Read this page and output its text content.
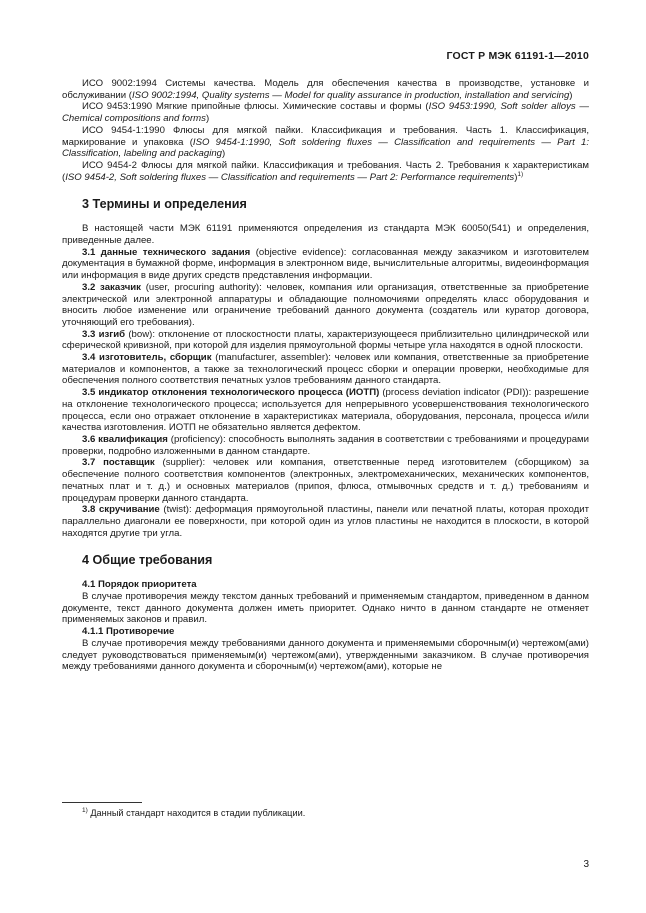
ГОСТ Р МЭК 61191-1—2010

ИСО 9002:1994 Системы качества. Модель для обеспечения качества в производстве, установке и обслуживании (ISO 9002:1994, Quality systems — Model for quality assurance in production, installation and servicing)

ИСО 9453:1990 Мягкие припойные флюсы. Химические составы и формы (ISO 9453:1990, Soft solder alloys — Chemical compositions and forms)

ИСО 9454-1:1990 Флюсы для мягкой пайки. Классификация и требования. Часть 1. Классификация, маркирование и упаковка (ISO 9454-1:1990, Soft soldering fluxes — Classification and requirements — Part 1: Classification, labeling and packaging)

ИСО 9454-2 Флюсы для мягкой пайки. Классификация и требования. Часть 2. Требования к характеристикам (ISO 9454-2, Soft soldering fluxes — Classification and requirements — Part 2: Performance requirements)$^{1)}$

3 Термины и определения

В настоящей части МЭК 61191 применяются определения из стандарта МЭК 60050(541) и определения, приведенные далее.

3.1 данные технического задания (objective evidence): согласованная между заказчиком и изготовителем документация в бумажной форме, информация в электронном виде, вычислительные алгоритмы, видеоинформация или информация в виде других средств представления информации.

3.2 заказчик (user, procuring authority): человек, компания или организация, ответственные за приобретение электрической или электронной аппаратуры и обладающие полномочиями определять класс оборудования и вносить любое изменение или ограничение требований данного документа (создатель или куратор договора, уточняющий его требования).

3.3 изгиб (bow): отклонение от плоскостности платы, характеризующееся приблизительно цилиндрической или сферической кривизной, при которой для изделия прямоугольной формы четыре угла находятся в одной плоскости.

3.4 изготовитель, сборщик (manufacturer, assembler): человек или компания, ответственные за приобретение материалов и компонентов, а также за технологический процесс сборки и операции проверки, необходимые для обеспечения полного соответствия печатных узлов требованиям данного стандарта.

3.5 индикатор отклонения технологического процесса (ИОТП) (process deviation indicator (PDI)): разрешение на отклонение технологического процесса; используется для непрерывного усовершенствования технологического процесса, если оно отражает отклонение в характеристиках материала, оборудования, персонала, процесса и/или качества изготовления. ИОТП не обязательно является дефектом.

3.6 квалификация (proficiency): способность выполнять задания в соответствии с требованиями и процедурами проверки, подробно изложенными в данном стандарте.

3.7 поставщик (supplier): человек или компания, ответственные перед изготовителем (сборщиком) за обеспечение полного соответствия компонентов (электронных, электромеханических, механических компонентов, печатных плат и т. д.) и основных материалов (припоя, флюса, отмывочных средств и т. д.) требованиям и процедурам проверки данного стандарта.

3.8 скручивание (twist): деформация прямоугольной пластины, панели или печатной платы, которая проходит параллельно диагонали ее поверхности, при которой один из углов пластины не находится в плоскости, в которой находятся другие три угла.

4 Общие требования
4.1 Порядок приоритета

В случае противоречия между текстом данных требований и применяемым стандартом, приведенном в данном документе, текст данного документа должен иметь приоритет. Однако ничто в данном стандарте не отменяет применяемых законов и правил.

4.1.1 Противоречие

В случае противоречия между требованиями данного документа и применяемыми сборочным(и) чертежом(ами) следует руководствоваться применяемым(и) чертежом(ами), утвержденными заказчиком. В случае противоречия между требованиями данного документа и сборочным(и) чертежом(ами), которые не

$^{1)}$ Данный стандарт находится в стадии публикации.
3
